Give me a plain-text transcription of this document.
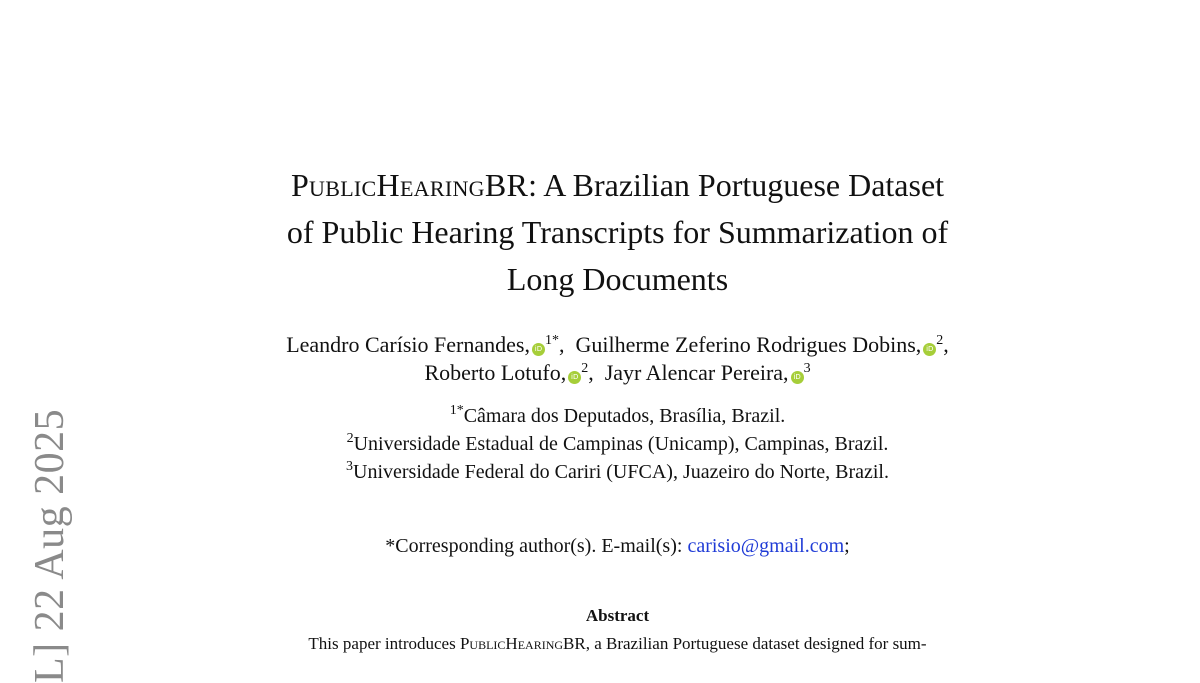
L] 22 Aug 2025
PublicHearingBR: A Brazilian Portuguese Dataset
of Public Hearing Transcripts for Summarization of
Long Documents
Leandro Carísio Fernandes, $iD^{1*}$, Guilherme Zeferino Rodrigues Dobins, $iD^2$,
Roberto Lotufo, $iD^2$, Jayr Alencar Pereira, $iD^3$
$^{1*}$Câmara dos Deputados, Brasília, Brazil.
$^2$Universidade Estadual de Campinas (Unicamp), Campinas, Brazil.
$^3$Universidade Federal do Cariri (UFCA), Juazeiro do Norte, Brazil.
*Corresponding author(s). E-mail(s): carisio@gmail.com;
Abstract
This paper introduces PublicHearingBR, a Brazilian Portuguese dataset designed for sum-
